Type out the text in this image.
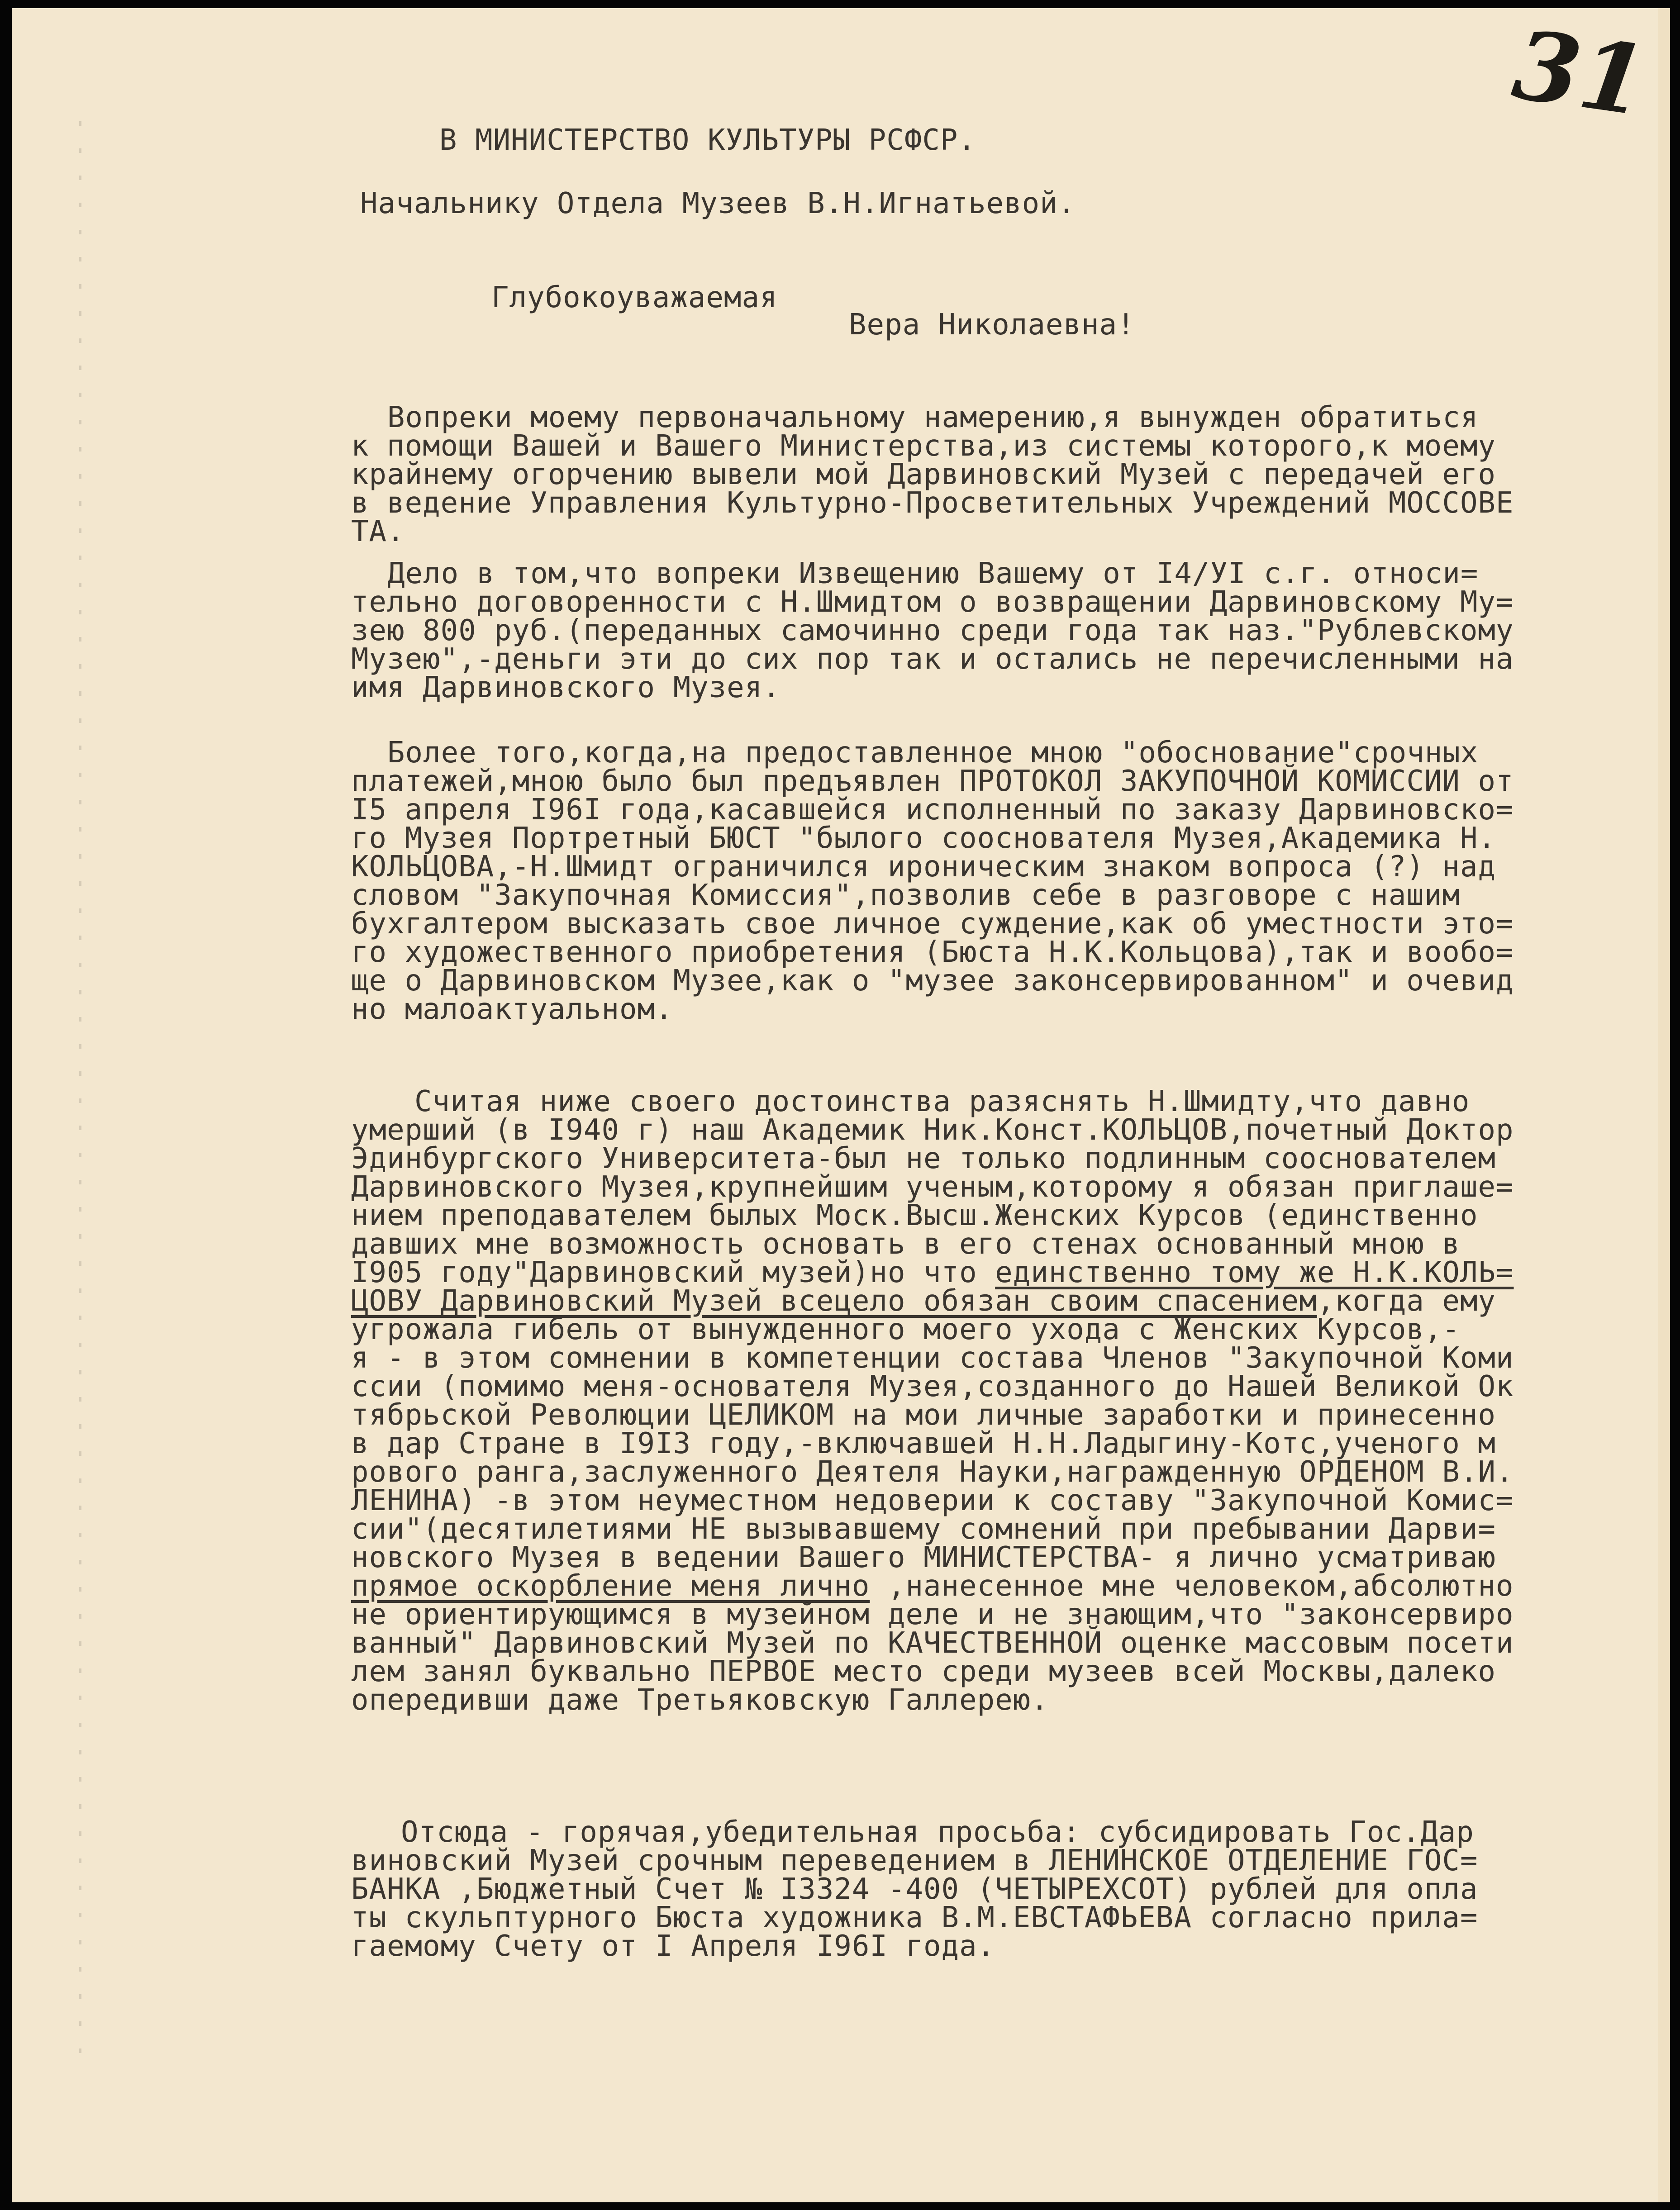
31
В МИНИСТЕРСТВО КУЛЬТУРЫ РСФСР.
Начальнику Отдела Музеев В.Н.Игнатьевой.
Глубокоуважаемая
Вера Николаевна!
Вопреки моему первоначальному намерению,я вынужден обратиться
к помощи Вашей и Вашего Министерства,из системы которого,к моему
крайнему огорчению вывели мой Дарвиновский Музей с передачей его
в ведение Управления Культурно-Просветительных Учреждений МОССОВЕ
ТА.
Дело в том,что вопреки Извещению Вашему от I4/УI с.г. относи=
тельно договоренности с Н.Шмидтом о возвращении Дарвиновскому Му=
зею 800 руб.(переданных самочинно среди года так наз."Рублевскому
Музею",-деньги эти до сих пор так и остались не перечисленными на
имя Дарвиновского Музея.
Более того,когда,на предоставленное мною "обоснование"срочных
платежей,мною было был предъявлен ПРОТОКОЛ ЗАКУПОЧНОЙ КОМИССИИ от
I5 апреля I96I года,касавшейся исполненный по заказу Дарвиновско=
го Музея Портретный БЮСТ "былого сооснователя Музея,Академика Н.
КОЛЬЦОВА,-Н.Шмидт ограничился ироническим знаком вопроса (?) над
словом "Закупочная Комиссия",позволив себе в разговоре с нашим
бухгалтером высказать свое личное суждение,как об уместности это=
го художественного приобретения (Бюста Н.К.Кольцова),так и вообо=
ще о Дарвиновском Музее,как о "музее законсервированном" и очевид
но малоактуальном.
Считая ниже своего достоинства разяснять Н.Шмидту,что давно
умерший (в I940 г) наш Академик Ник.Конст.КОЛЬЦОВ,почетный Доктор
Эдинбургского Университета-был не только подлинным сооснователем
Дарвиновского Музея,крупнейшим ученым,которому я обязан приглаше=
нием преподавателем былых Моск.Высш.Женских Курсов (единственно
давших мне возможность основать в его стенах основанный мною в
I905 году"Дарвиновский музей)но что единственно тому же Н.К.КОЛЬ=
ЦОВУ Дарвиновский Музей всецело обязан своим спасением,когда ему
угрожала гибель от вынужденного моего ухода с Женских Курсов,-
я - в этом сомнении в компетенции состава Членов "Закупочной Коми
ссии (помимо меня-основателя Музея,созданного до Нашей Великой Ок
тябрьской Революции ЦЕЛИКОМ на мои личные заработки и принесенно
в дар Стране в I9I3 году,-включавшей Н.Н.Ладыгину-Котс,ученого м
рового ранга,заслуженного Деятеля Науки,награжденную ОРДЕНОМ В.И.
ЛЕНИНА) -в этом неуместном недоверии к составу "Закупочной Комис=
сии"(десятилетиями НЕ вызывавшему сомнений при пребывании Дарви=
новского Музея в ведении Вашего МИНИСТЕРСТВА- я лично усматриваю
прямое оскорбление меня лично ,нанесенное мне человеком,абсолютно
не ориентирующимся в музейном деле и не знающим,что "законсервиро
ванный" Дарвиновский Музей по КАЧЕСТВЕННОЙ оценке массовым посети
лем занял буквально ПЕРВОЕ место среди музеев всей Москвы,далеко
опередивши даже Третьяковскую Галлерею.
Отсюда - горячая,убедительная просьба: субсидировать Гос.Дар
виновский Музей срочным переведением в ЛЕНИНСКОЕ ОТДЕЛЕНИЕ ГОС=
БАНКА ,Бюджетный Счет № I3324 -400 (ЧЕТЫРЕХСОТ) рублей для опла
ты скульптурного Бюста художника В.М.ЕВСТАФЬЕВА согласно прила=
гаемому Счету от I Апреля I96I года.
